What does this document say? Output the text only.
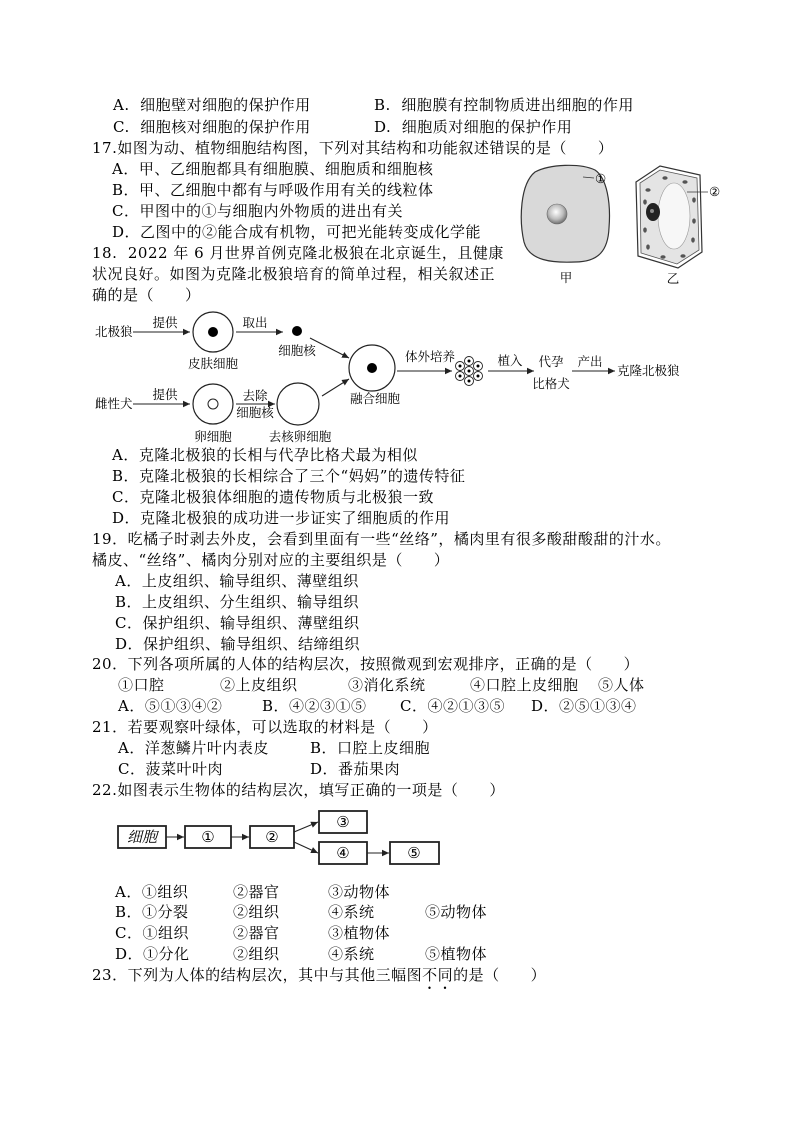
A.  细胞壁对细胞的保护作用	B.  细胞膜有控制物质进出细胞的作用
C.  细胞核对细胞的保护作用	D.  细胞质对细胞的保护作用
17.如图为动、植物细胞结构图，下列对其结构和功能叙述错误的是（　　）
A．甲、乙细胞都具有细胞膜、细胞质和细胞核
B．甲、乙细胞中都有与呼吸作用有关的线粒体
C．甲图中的①与细胞内外物质的进出有关
D．乙图中的②能合成有机物，可把光能转变成化学能
①
甲
②
乙
18.  2022 年 6 月世界首例克隆北极狼在北京诞生，且健康
状况良好。如图为克隆北极狼培育的简单过程，相关叙述正
确的是（　　）
北极狼
提供
皮肤细胞
取出
细胞核
雌性犬
提供
卵细胞
去除
细胞核
去核卵细胞
融合细胞
体外培养	植入 代孕
比格犬
产出
克隆北极狼
A．克隆北极狼的长相与代孕比格犬最为相似
B．克隆北极狼的长相综合了三个“妈妈”的遗传特征
C．克隆北极狼体细胞的遗传物质与北极狼一致
D．克隆北极狼的成功进一步证实了细胞质的作用
19．吃橘子时剥去外皮，会看到里面有一些“丝络”，橘肉里有很多酸甜酸甜的汁水。
橘皮、“丝络”、橘肉分别对应的主要组织是（　　）
A．上皮组织、输导组织、薄壁组织
B．上皮组织、分生组织、输导组织
C．保护组织、输导组织、薄壁组织
D．保护组织、输导组织、结缔组织
20．下列各项所属的人体的结构层次，按照微观到宏观排序，正确的是（　　）
①口腔	②上皮组织	③消化系统	④口腔上皮细胞 ⑤人体
A．⑤①③④②	B．④②③①⑤ C．④②①③⑤ D．②⑤①③④
21．若要观察叶绿体，可以选取的材料是（　　）
A．洋葱鳞片叶内表皮	B．口腔上皮细胞
C．菠菜叶叶肉	D．番茄果肉
22.如图表示生物体的结构层次，填写正确的一项是（　　）
细胞	①	②
③
④	⑤
A．①组织	②器官	③动物体
B．①分裂	②组织	④系统	⑤动物体
C．①组织	②器官	③植物体
D．①分化	②组织	④系统	⑤植物体
23．下列为人体的结构层次，其中与其他三幅图不同的是（　　）
